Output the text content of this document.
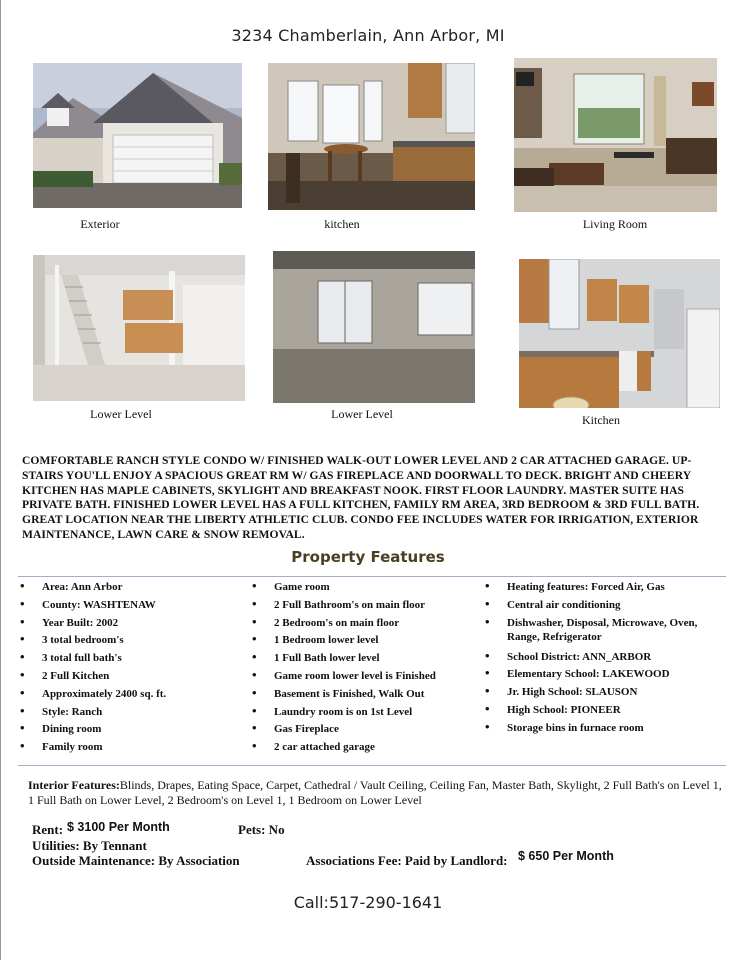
3234 Chamberlain, Ann Arbor, MI
Exterior	kitchen	Living Room
Lower Level	Lower Level	Kitchen
COMFORTABLE RANCH STYLE CONDO W/ FINISHED WALK-OUT LOWER LEVEL AND 2 CAR ATTACHED GARAGE. UP-STAIRS YOU'LL ENJOY A SPACIOUS GREAT RM W/ GAS FIREPLACE AND DOORWALL TO DECK. BRIGHT AND CHEERY KITCHEN HAS MAPLE CABINETS, SKYLIGHT AND BREAKFAST NOOK. FIRST FLOOR LAUNDRY. MASTER SUITE HAS PRIVATE BATH. FINISHED LOWER LEVEL HAS A FULL KITCHEN, FAMILY RM AREA, 3RD BEDROOM & 3RD FULL BATH. GREAT LOCATION NEAR THE LIBERTY ATHLETIC CLUB. CONDO FEE INCLUDES WATER FOR IRRIGATION, EXTERIOR MAINTENANCE, LAWN CARE & SNOW REMOVAL.
Property Features
• Area: Ann Arbor
• County: WASHTENAW
• Year Built: 2002
• 3 total bedroom's
• 3 total full bath's
• 2 Full Kitchen
• Approximately 2400 sq. ft.
• Style: Ranch
• Dining room
• Family room
• Game room
• 2 Full Bathroom's on main floor
• 2 Bedroom's on main floor
• 1 Bedroom lower level
• 1 Full Bath lower level
• Game room lower level is Finished
• Basement is Finished, Walk Out
• Laundry room is on 1st Level
• Gas Fireplace
• 2 car attached garage
• Heating features: Forced Air, Gas
• Central air conditioning
• Dishwasher, Disposal, Microwave, Oven, Range, Refrigerator
• School District: ANN_ARBOR
• Elementary School: LAKEWOOD
• Jr. High School: SLAUSON
• High School: PIONEER
• Storage bins in furnace room
Interior Features:Blinds, Drapes, Eating Space, Carpet, Cathedral / Vault Ceiling, Ceiling Fan, Master Bath, Skylight, 2 Full Bath's on Level 1, 1 Full Bath on Lower Level, 2 Bedroom's on Level 1, 1 Bedroom on Lower Level
Rent: $ 3100 Per Month	Pets: No
Utilities: By Tennant
Outside Maintenance: By Association	Associations Fee: Paid by Landlord: $ 650 Per Month
Call:517-290-1641
